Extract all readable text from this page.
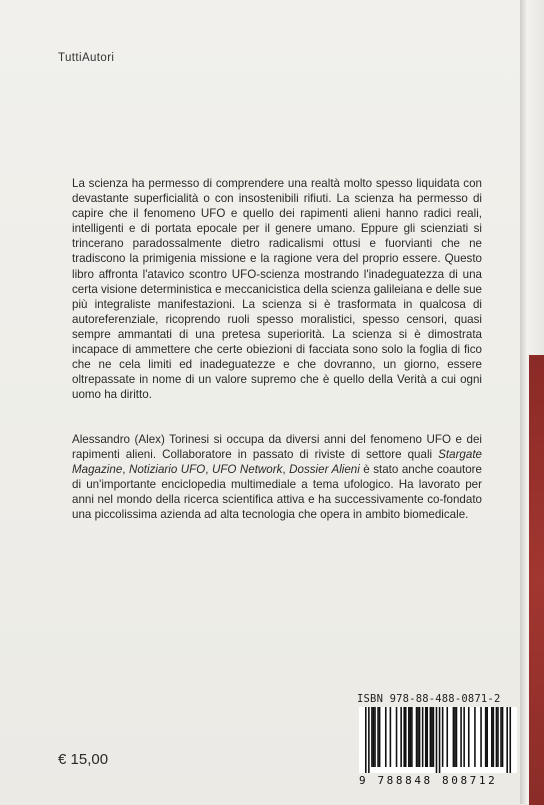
TuttiAutori

La scienza ha permesso di comprendere una realtà molto spesso liquidata con devastante superficialità o con insostenibili rifiuti. La scienza ha permesso di capire che il fenomeno UFO e quello dei rapimenti alieni hanno radici reali, intelligenti e di portata epocale per il genere umano. Eppure gli scienziati si trincerano paradossalmente dietro radicalismi ottusi e fuorvianti che ne tradiscono la primigenia missione e la ragione vera del proprio essere. Questo libro affronta l'atavico scontro UFO-scienza mostrando l'inadeguatezza di una certa visione deterministica e meccanicistica della scienza galileiana e delle sue più integraliste manifestazioni. La scienza si è trasformata in qualcosa di autoreferenziale, ricoprendo ruoli spesso moralistici, spesso censori, quasi sempre ammantati di una pretesa superiorità. La scienza si è dimostrata incapace di ammettere che certe obiezioni di facciata sono solo la foglia di fico che ne cela limiti ed inadeguatezze e che dovranno, un giorno, essere oltrepassate in nome di un valore supremo che è quello della Verità a cui ogni uomo ha diritto.

Alessandro (Alex) Torinesi si occupa da diversi anni del fenomeno UFO e dei rapimenti alieni. Collaboratore in passato di riviste di settore quali Stargate Magazine, Notiziario UFO, UFO Network, Dossier Alieni è stato anche coautore di un'importante enciclopedia multimediale a tema ufologico. Ha lavorato per anni nel mondo della ricerca scientifica attiva e ha successivamente co-fondato una piccolissima azienda ad alta tecnologia che opera in ambito biomedicale.

€ 15,00
ISBN 978-88-488-0871-2
9 788848 808712
